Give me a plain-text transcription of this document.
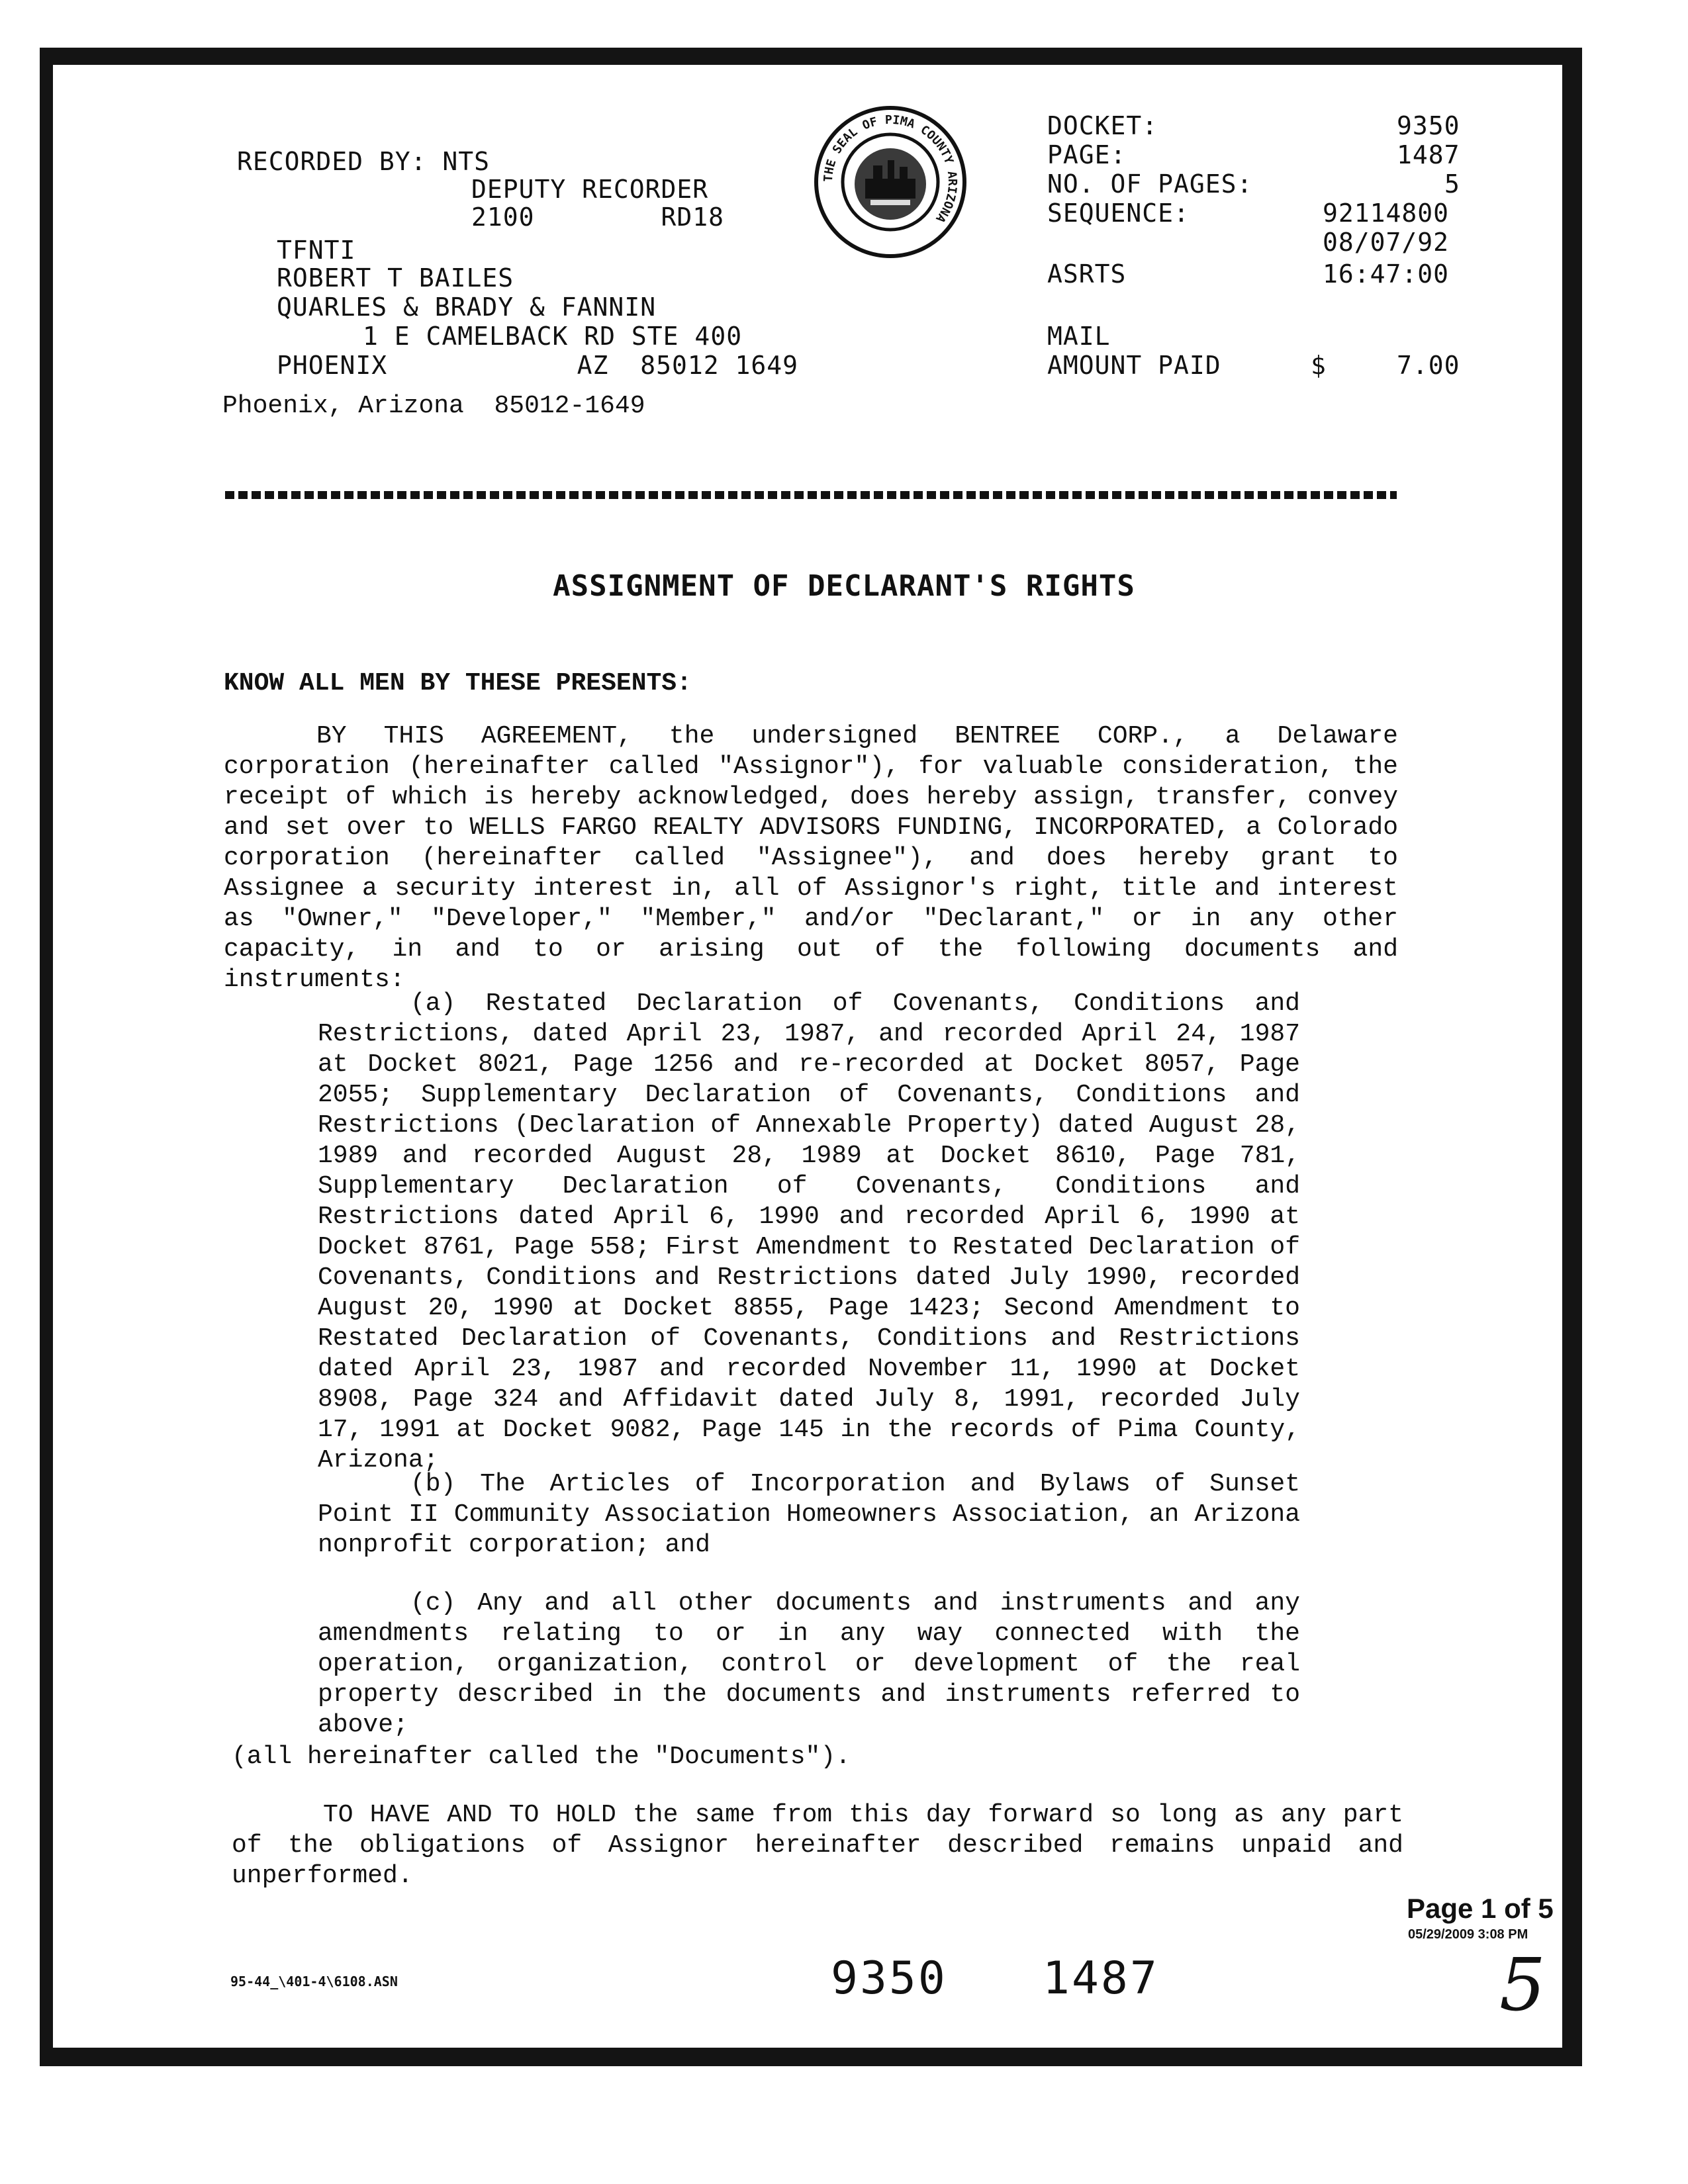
RECORDED BY: NTS
DEPUTY RECORDER
2100        RD18
TFNTI
ROBERT T BAILES
QUARLES & BRADY & FANNIN
1 E CAMELBACK RD STE 400
PHOENIX            AZ  85012 1649
Phoenix, Arizona  85012-1649
THE SEAL OF PIMA COUNTY ARIZONA
DOCKET:	9350
PAGE:	1487
NO. OF PAGES:	5
SEQUENCE:	92114800
08/07/92
ASRTS	16:47:00
MAIL
AMOUNT PAID	$	7.00
ASSIGNMENT OF DECLARANT'S RIGHTS
KNOW ALL MEN BY THESE PRESENTS:
BY THIS AGREEMENT, the undersigned BENTREE CORP., a Delaware corporation (hereinafter called "Assignor"), for valuable consideration, the receipt of which is hereby acknowledged, does hereby assign, transfer, convey and set over to WELLS FARGO REALTY ADVISORS FUNDING, INCORPORATED, a Colorado corporation (hereinafter called "Assignee"), and does hereby grant to Assignee a security interest in, all of Assignor's right, title and interest as "Owner," "Developer," "Member," and/or "Declarant," or in any other capacity, in and to or arising out of the following documents and instruments:
(a) Restated Declaration of Covenants, Conditions and Restrictions, dated April 23, 1987, and recorded April 24, 1987 at Docket 8021, Page 1256 and re-recorded at Docket 8057, Page 2055; Supplementary Declaration of Covenants, Conditions and Restrictions (Declaration of Annexable Property) dated August 28, 1989 and recorded August 28, 1989 at Docket 8610, Page 781, Supplementary Declaration of Covenants, Conditions and Restrictions dated April 6, 1990 and recorded April 6, 1990 at Docket 8761, Page 558; First Amendment to Restated Declaration of Covenants, Conditions and Restrictions dated July 1990, recorded August 20, 1990 at Docket 8855, Page 1423; Second Amendment to Restated Declaration of Covenants, Conditions and Restrictions dated April 23, 1987 and recorded November 11, 1990 at Docket 8908, Page 324 and Affidavit dated July 8, 1991, recorded July 17, 1991 at Docket 9082, Page 145 in the records of Pima County, Arizona;
(b) The Articles of Incorporation and Bylaws of Sunset Point II Community Association Homeowners Association, an Arizona nonprofit corporation; and
(c) Any and all other documents and instruments and any amendments relating to or in any way connected with the operation, organization, control or development of the real property described in the documents and instruments referred to above;
(all hereinafter called the "Documents").
TO HAVE AND TO HOLD the same from this day forward so long as any part of the obligations of Assignor hereinafter described remains unpaid and unperformed.
Page 1 of 5
05/29/2009 3:08 PM
95-44_\401-4\6108.ASN	9350 1487	5
